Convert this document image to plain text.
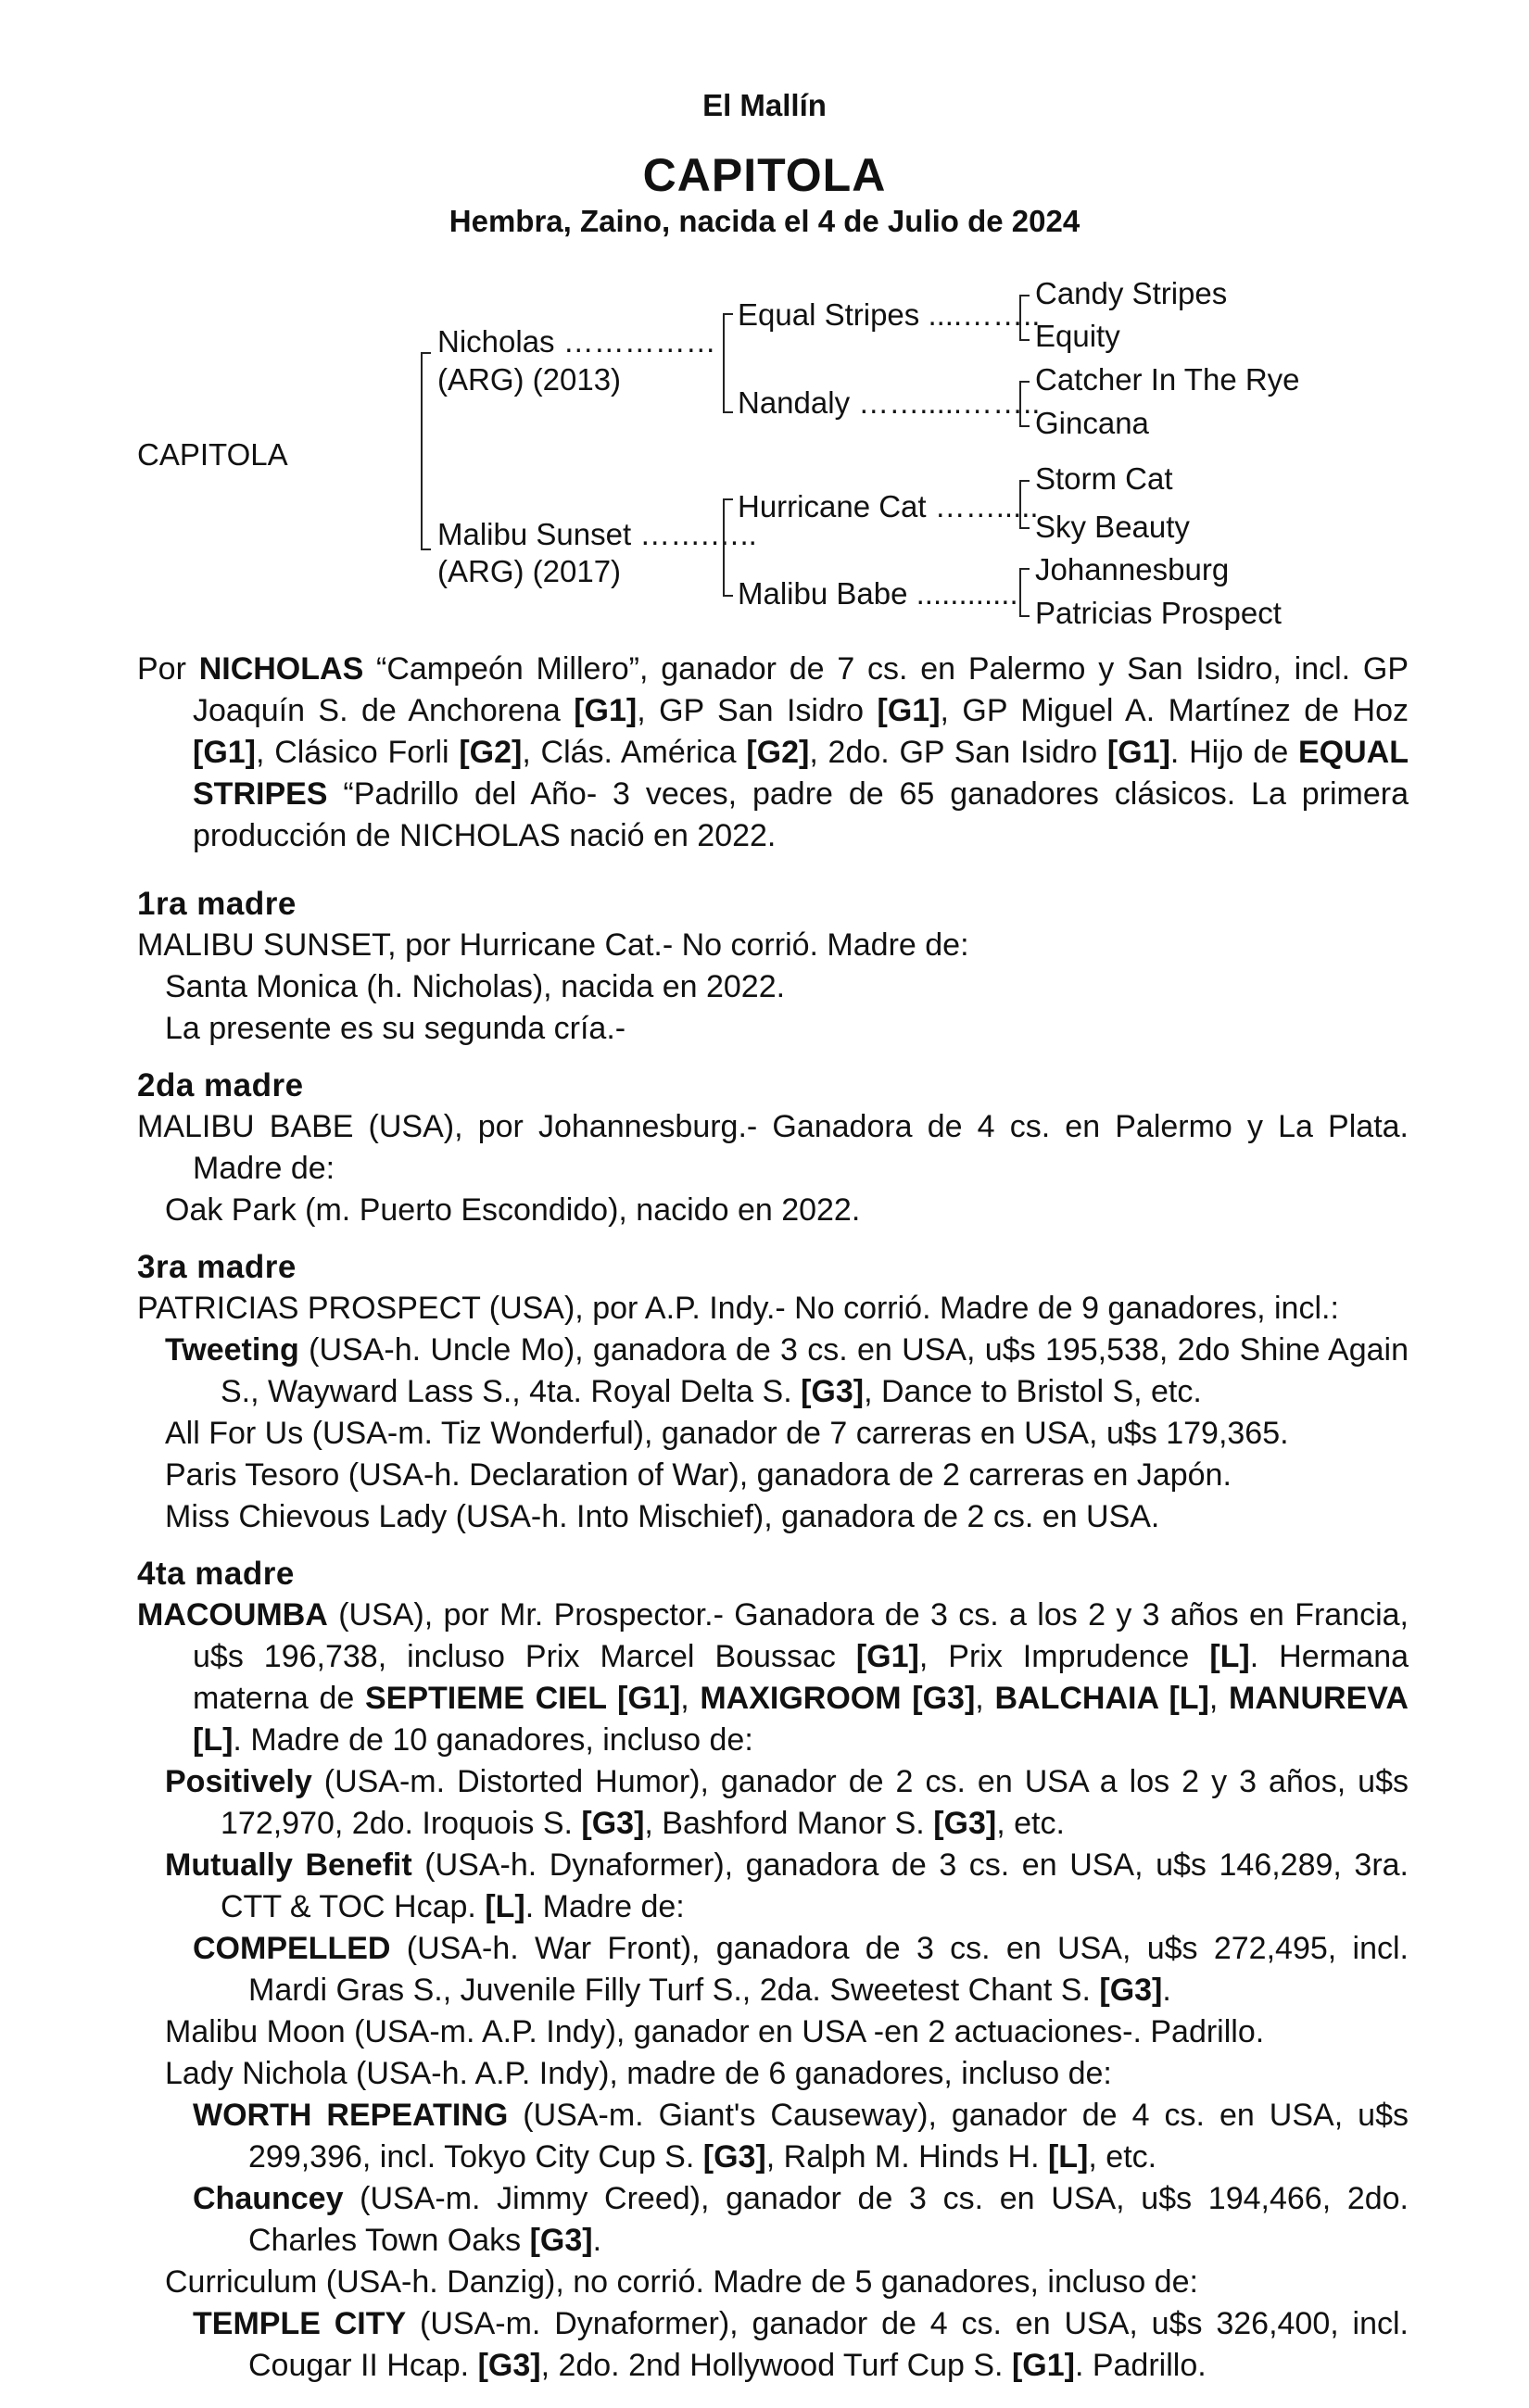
El Mallín
CAPITOLA
Hembra, Zaino, nacida el 4 de Julio de 2024
CAPITOLA
Nicholas ……………
(ARG) (2013)
Malibu Sunset …….…..
(ARG) (2017)
Equal Stripes ....……..
Nandaly …….....……..
Hurricane Cat …….....
Malibu Babe ............
Candy Stripes
Equity
Catcher In The Rye
Gincana
Storm Cat
Sky Beauty
Johannesburg
Patricias Prospect
Por NICHOLAS “Campeón Millero”, ganador de 7 cs. en Palermo y San Isidro, incl. GP Joaquín S. de Anchorena [G1], GP San Isidro [G1], GP Miguel A. Martínez de Hoz [G1], Clásico Forli [G2], Clás. América [G2], 2do. GP San Isidro [G1]. Hijo de EQUAL STRIPES “Padrillo del Año- 3 veces, padre de 65 ganadores clásicos. La primera producción de NICHOLAS nació en 2022.
1ra madre
MALIBU SUNSET, por Hurricane Cat.- No corrió. Madre de:
Santa Monica (h. Nicholas), nacida en 2022.
La presente es su segunda cría.-
2da madre
MALIBU BABE (USA), por Johannesburg.- Ganadora de 4 cs. en Palermo y La Plata. Madre de:
Oak Park (m. Puerto Escondido), nacido en 2022.
3ra madre
PATRICIAS PROSPECT (USA), por A.P. Indy.- No corrió. Madre de 9 ganadores, incl.:
Tweeting (USA-h. Uncle Mo), ganadora de 3 cs. en USA, u$s 195,538, 2do Shine Again S., Wayward Lass S., 4ta. Royal Delta S. [G3], Dance to Bristol S, etc.
All For Us (USA-m. Tiz Wonderful), ganador de 7 carreras en USA, u$s 179,365.
Paris Tesoro (USA-h. Declaration of War), ganadora de 2 carreras en Japón.
Miss Chievous Lady (USA-h. Into Mischief), ganadora de 2 cs. en USA.
4ta madre
MACOUMBA (USA), por Mr. Prospector.- Ganadora de 3 cs. a los 2 y 3 años en Francia, u$s 196,738, incluso Prix Marcel Boussac [G1], Prix Imprudence [L]. Hermana materna de SEPTIEME CIEL [G1], MAXIGROOM [G3], BALCHAIA [L], MANUREVA [L]. Madre de 10 ganadores, incluso de:
Positively (USA-m. Distorted Humor), ganador de 2 cs. en USA a los 2 y 3 años, u$s 172,970, 2do. Iroquois S. [G3], Bashford Manor S. [G3], etc.
Mutually Benefit (USA-h. Dynaformer), ganadora de 3 cs. en USA, u$s 146,289, 3ra. CTT & TOC Hcap. [L]. Madre de:
COMPELLED (USA-h. War Front), ganadora de 3 cs. en USA, u$s 272,495, incl. Mardi Gras S., Juvenile Filly Turf S., 2da. Sweetest Chant S. [G3].
Malibu Moon (USA-m. A.P. Indy), ganador en USA -en 2 actuaciones-. Padrillo.
Lady Nichola (USA-h. A.P. Indy), madre de 6 ganadores, incluso de:
WORTH REPEATING (USA-m. Giant's Causeway), ganador de 4 cs. en USA, u$s 299,396, incl. Tokyo City Cup S. [G3], Ralph M. Hinds H. [L], etc.
Chauncey (USA-m. Jimmy Creed), ganador de 3 cs. en USA, u$s 194,466, 2do. Charles Town Oaks [G3].
Curriculum (USA-h. Danzig), no corrió. Madre de 5 ganadores, incluso de:
TEMPLE CITY (USA-m. Dynaformer), ganador de 4 cs. en USA, u$s 326,400, incl. Cougar II Hcap. [G3], 2do. 2nd Hollywood Turf Cup S. [G1]. Padrillo.
